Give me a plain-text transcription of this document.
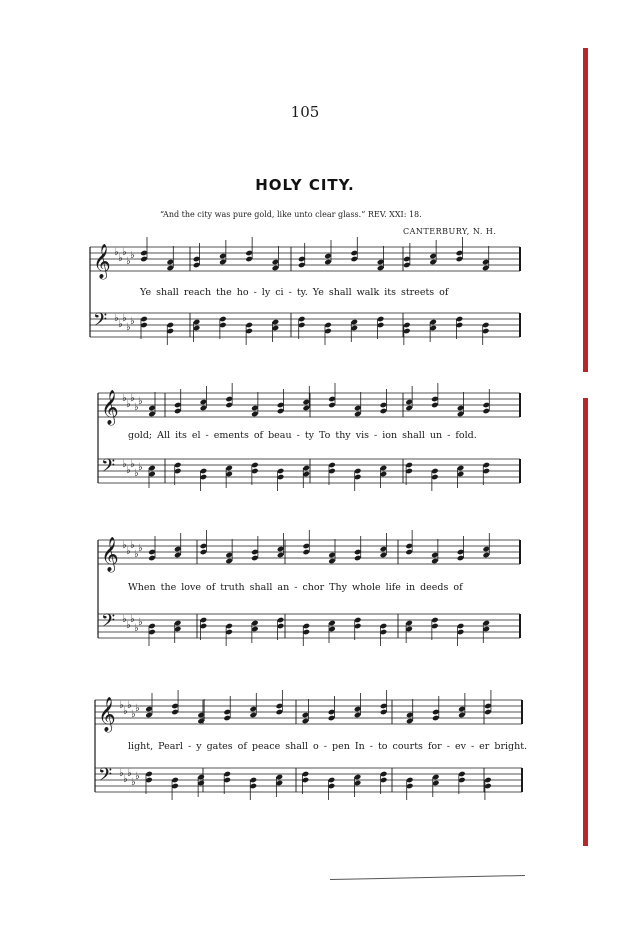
105
HOLY CITY.
“And the city was pure gold, like unto clear glass.” REV. XXI: 18.
CANTERBURY, N. H.
𝄞 ♭
♭
♭
♭
♭
𝄢 ♭
♭
♭
♭
♭
𝄞 ♭
♭
♭
♭
♭
𝄢 ♭
♭
♭
♭
♭
𝄞 ♭
♭
♭
♭
♭
𝄢 ♭
♭
♭
♭
♭
𝄞 ♭
♭
♭
♭
♭
𝄢 ♭
♭
♭
♭
♭
Ye shall reach the ho - ly ci - ty. Ye shall walk its streets of
gold; All its el - ements of beau - ty To thy vis - ion shall un - fold.
When the love of truth shall an - chor Thy whole life in deeds of
light, Pearl - y gates of peace shall o - pen In - to courts for - ev - er bright.
